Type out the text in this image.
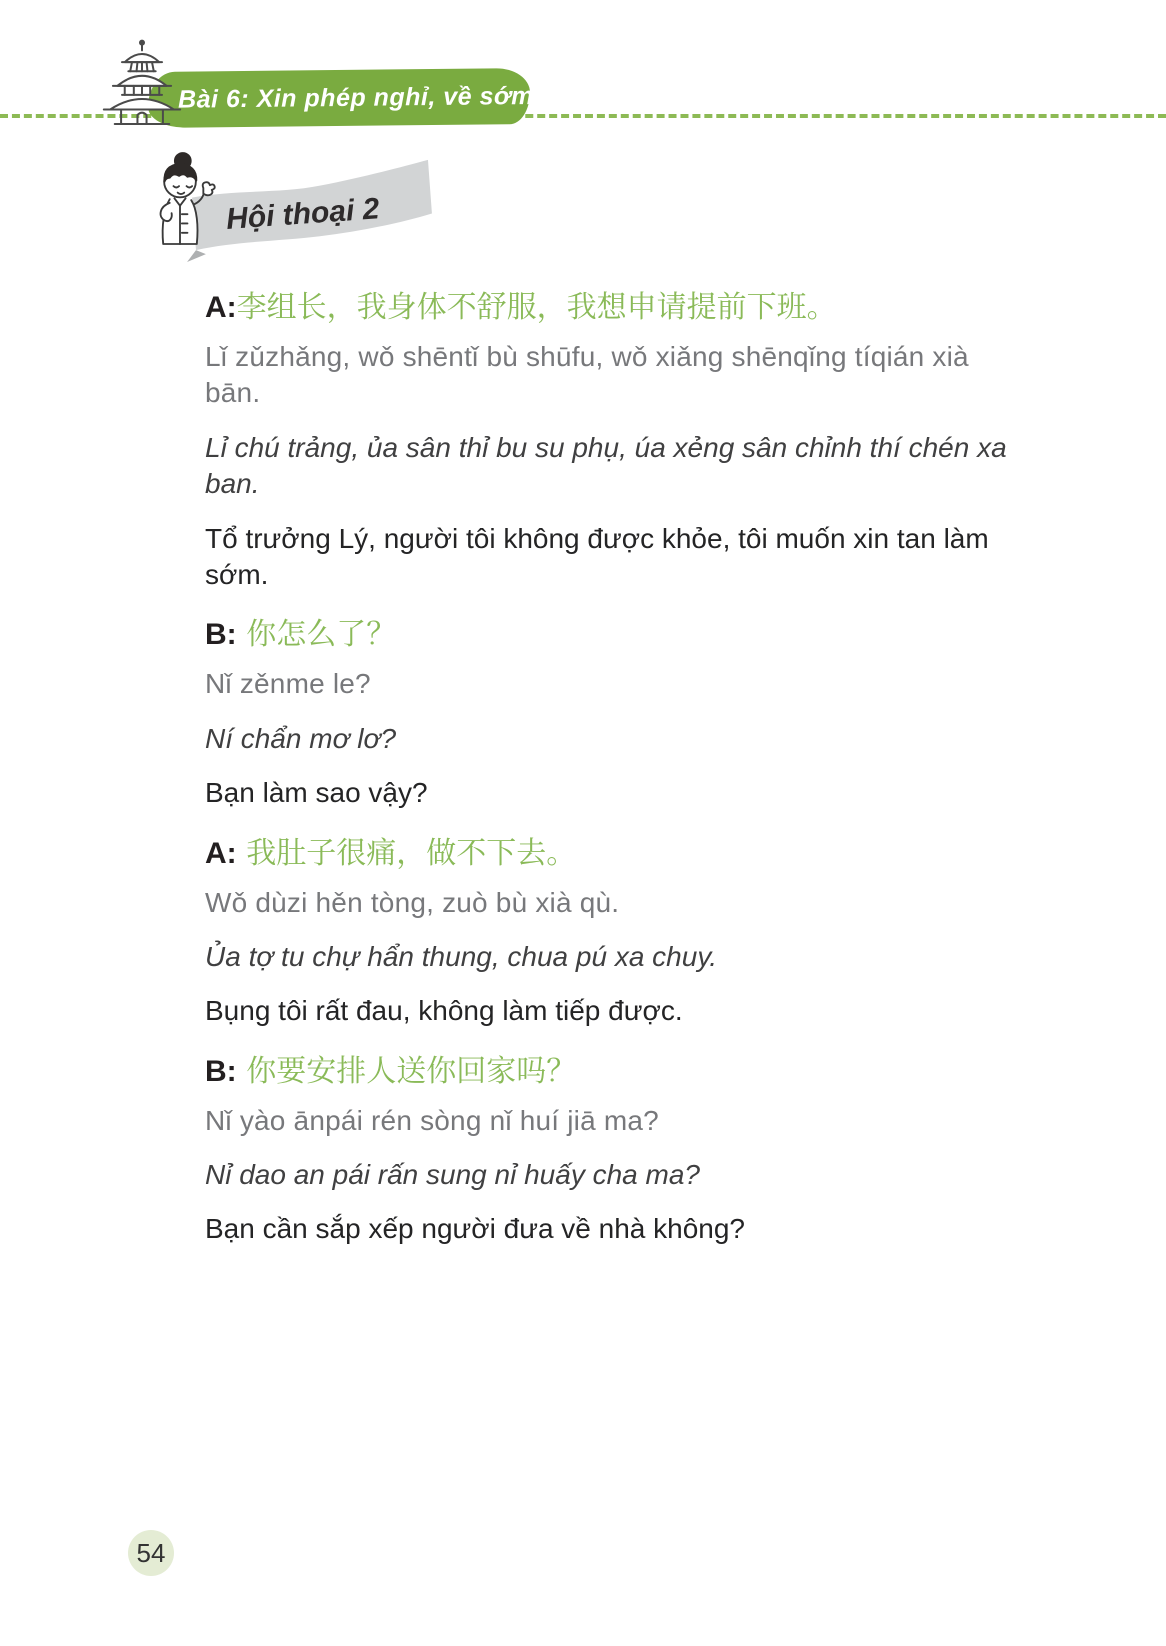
Bài 6: Xin phép nghỉ, về sớm
Hội thoại 2

A:李组长，我身体不舒服，我想申请提前下班。

Lǐ zǔzhǎng, wǒ shēntǐ bù shūfu, wǒ xiǎng shēnqǐng tíqián xià bān.

Lỉ chú trảng, ủa sân thỉ bu su phụ, úa xẻng sân chỉnh thí chén xa ban.

Tổ trưởng Lý, người tôi không được khỏe, tôi muốn xin tan làm sớm.

B: 你怎么了？

Nǐ zěnme le?

Ní chẩn mơ lơ?

Bạn làm sao vậy?

A: 我肚子很痛，做不下去。

Wǒ dùzi hěn tòng, zuò bù xià qù.

Ủa tợ tu chự hẩn thung, chua pú xa chuy.

Bụng tôi rất đau, không làm tiếp được.

B: 你要安排人送你回家吗？

Nǐ yào ānpái rén sòng nǐ huí jiā ma?

Nỉ dao an pái rấn sung nỉ huấy cha ma?

Bạn cần sắp xếp người đưa về nhà không?

54
